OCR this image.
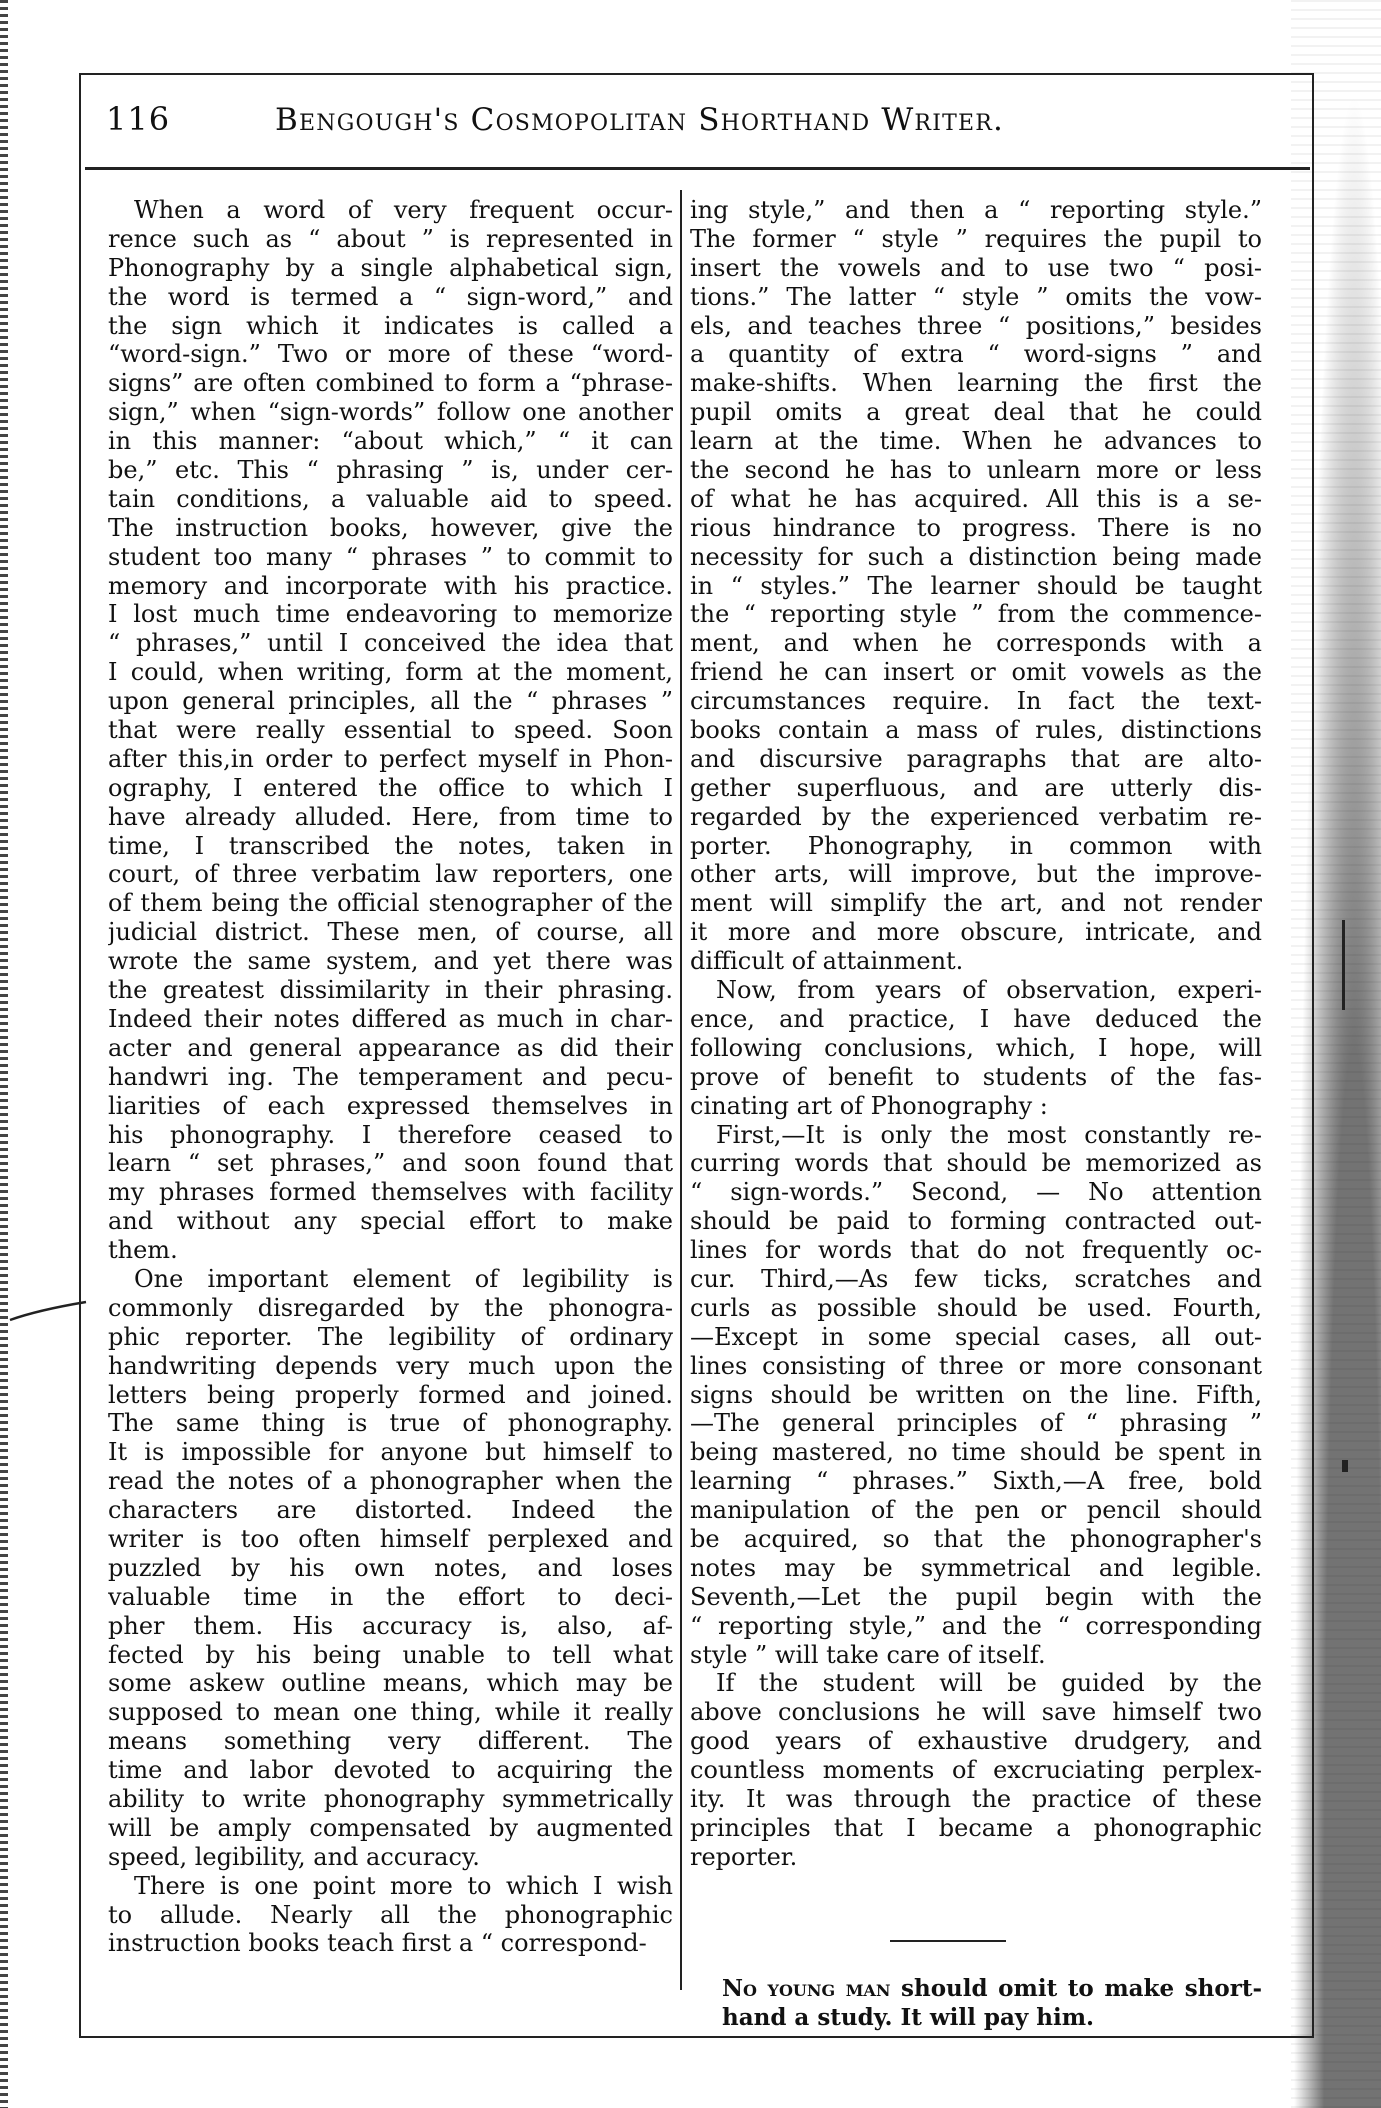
116	Bengough's Cosmopolitan Shorthand Writer.
When a word of very frequent occur-
rence such as “ about ” is represented in
Phonography by a single alphabetical sign,
the word is termed a “ sign-word,” and
the sign which it indicates is called a
“word-sign.” Two or more of these “word-
signs” are often combined to form a “phrase-
sign,” when “sign-words” follow one another
in this manner: “about which,” “ it can
be,” etc. This “ phrasing ” is, under cer-
tain conditions, a valuable aid to speed.
The instruction books, however, give the
student too many “ phrases ” to commit to
memory and incorporate with his practice.
I lost much time endeavoring to memorize
“ phrases,” until I conceived the idea that
I could, when writing, form at the moment,
upon general principles, all the “ phrases ”
that were really essential to speed. Soon
after this,in order to perfect myself in Phon-
ography, I entered the office to which I
have already alluded. Here, from time to
time, I transcribed the notes, taken in
court, of three verbatim law reporters, one
of them being the official stenographer of the
judicial district. These men, of course, all
wrote the same system, and yet there was
the greatest dissimilarity in their phrasing.
Indeed their notes differed as much in char-
acter and general appearance as did their
handwri ing. The temperament and pecu-
liarities of each expressed themselves in
his phonography. I therefore ceased to
learn “ set phrases,” and soon found that
my phrases formed themselves with facility
and without any special effort to make
them.
One important element of legibility is
commonly disregarded by the phonogra-
phic reporter. The legibility of ordinary
handwriting depends very much upon the
letters being properly formed and joined.
The same thing is true of phonography.
It is impossible for anyone but himself to
read the notes of a phonographer when the
characters are distorted. Indeed the
writer is too often himself perplexed and
puzzled by his own notes, and loses
valuable time in the effort to deci-
pher them. His accuracy is, also, af-
fected by his being unable to tell what
some askew outline means, which may be
supposed to mean one thing, while it really
means something very different. The
time and labor devoted to acquiring the
ability to write phonography symmetrically
will be amply compensated by augmented
speed, legibility, and accuracy.
There is one point more to which I wish
to allude. Nearly all the phonographic
instruction books teach first a “ correspond-
ing style,” and then a “ reporting style.”
The former “ style ” requires the pupil to
insert the vowels and to use two “ posi-
tions.” The latter “ style ” omits the vow-
els, and teaches three “ positions,” besides
a quantity of extra “ word-signs ” and
make-shifts. When learning the first the
pupil omits a great deal that he could
learn at the time. When he advances to
the second he has to unlearn more or less
of what he has acquired. All this is a se-
rious hindrance to progress. There is no
necessity for such a distinction being made
in “ styles.” The learner should be taught
the “ reporting style ” from the commence-
ment, and when he corresponds with a
friend he can insert or omit vowels as the
circumstances require. In fact the text-
books contain a mass of rules, distinctions
and discursive paragraphs that are alto-
gether superfluous, and are utterly dis-
regarded by the experienced verbatim re-
porter. Phonography, in common with
other arts, will improve, but the improve-
ment will simplify the art, and not render
it more and more obscure, intricate, and
difficult of attainment.
Now, from years of observation, experi-
ence, and practice, I have deduced the
following conclusions, which, I hope, will
prove of benefit to students of the fas-
cinating art of Phonography :
First,—It is only the most constantly re-
curring words that should be memorized as
“ sign-words.” Second, — No attention
should be paid to forming contracted out-
lines for words that do not frequently oc-
cur. Third,—As few ticks, scratches and
curls as possible should be used. Fourth,
—Except in some special cases, all out-
lines consisting of three or more consonant
signs should be written on the line. Fifth,
—The general principles of “ phrasing ”
being mastered, no time should be spent in
learning “ phrases.” Sixth,—A free, bold
manipulation of the pen or pencil should
be acquired, so that the phonographer's
notes may be symmetrical and legible.
Seventh,—Let the pupil begin with the
“ reporting style,” and the “ corresponding
style ” will take care of itself.
If the student will be guided by the
above conclusions he will save himself two
good years of exhaustive drudgery, and
countless moments of excruciating perplex-
ity. It was through the practice of these
principles that I became a phonographic
reporter.
No young man should omit to make short-
hand a study. It will pay him.
